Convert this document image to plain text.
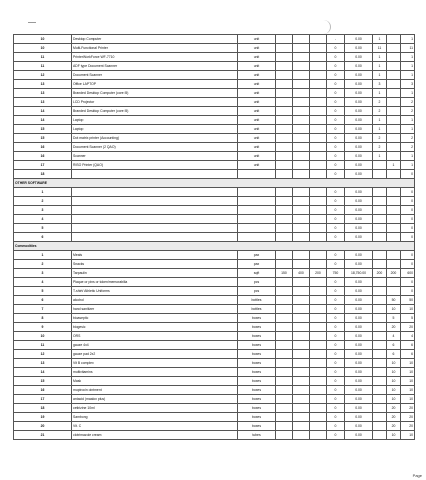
10	Desktop Computer	unit				-	0.00	1		1
10	Multi-Functional Printer	unit				0	0.00	11		11
11	PrinterWorkForce WF-7710	unit				0	0.00	1		1
11	ADF type Document Scanner	unit				0	0.00	1		1
12	Document Scanner	unit				0	0.00	1		1
13	Office LAPTOP	unit				0	0.00	3		3
13	Branded Desktop Computer (core i5)	unit				0	0.00	1		1
13	LCD Projector	unit				0	0.00	2		2
14	Branded Desktop Computer (core i5)	unit				0	0.00	2		2
14	Laptop	unit				0	0.00	1		1
15	Laptop	unit				0	0.00	1		1
15	Dot matrix printer (Accounting)	unit				0	0.00	2		2
16	Document Scanner (2 QAO)	unit				0	0.00	2		2
16	Scanner	unit				0	0.00	1		1
17	RISO Printer (QAO)	unit				0	0.00		1	1
18						0	0.00			0
OTHER SOFTWARE										
1						0	0.00			0
2						0	0.00			0
3						0	0.00			0
4						0	0.00			0
5						0	0.00			0
6						0	0.00			0
Commodities										
1	Meals	pax				0	0.00			0
2	Snacks	pax				0	0.00			0
3	Tarpaulin	sqft	150	400	200	750	18,750.00	200	200	600
4	Plaque or pins or token/memorabilia	pcs				0	0.00			0
5	T-shirt/ Athletic Uniforms	pcs				0	0.00			0
6	alcohol	bottles				0	0.00		50	50
7	hand sanitizer	bottles				0	0.00		10	10
8	bioaseptic	boxes				0	0.00		5	5
9	biogesic	boxes				0	0.00		20	20
10	ORS	boxes				0	0.00		4	4
11	gauze 4x4	boxes				0	0.00		6	6
12	gauze pad 2x2	boxes				0	0.00		6	6
13	Vit B complex	boxes				0	0.00		10	10
14	multivitamins	boxes				0	0.00		10	10
15	Mask	boxes				0	0.00		10	10
16	mupirocin ointment	boxes				0	0.00		10	10
17	antacid (maalox plus)	boxes				0	0.00		10	10
18	cetirizine 10ml	boxes				0	0.00		20	20
19	Sambong	boxes				0	0.00		20	20
20	Vit. C	boxes				0	0.00		20	20
21	clotrimazole cream	tubes				0	0.00		10	10
Page
